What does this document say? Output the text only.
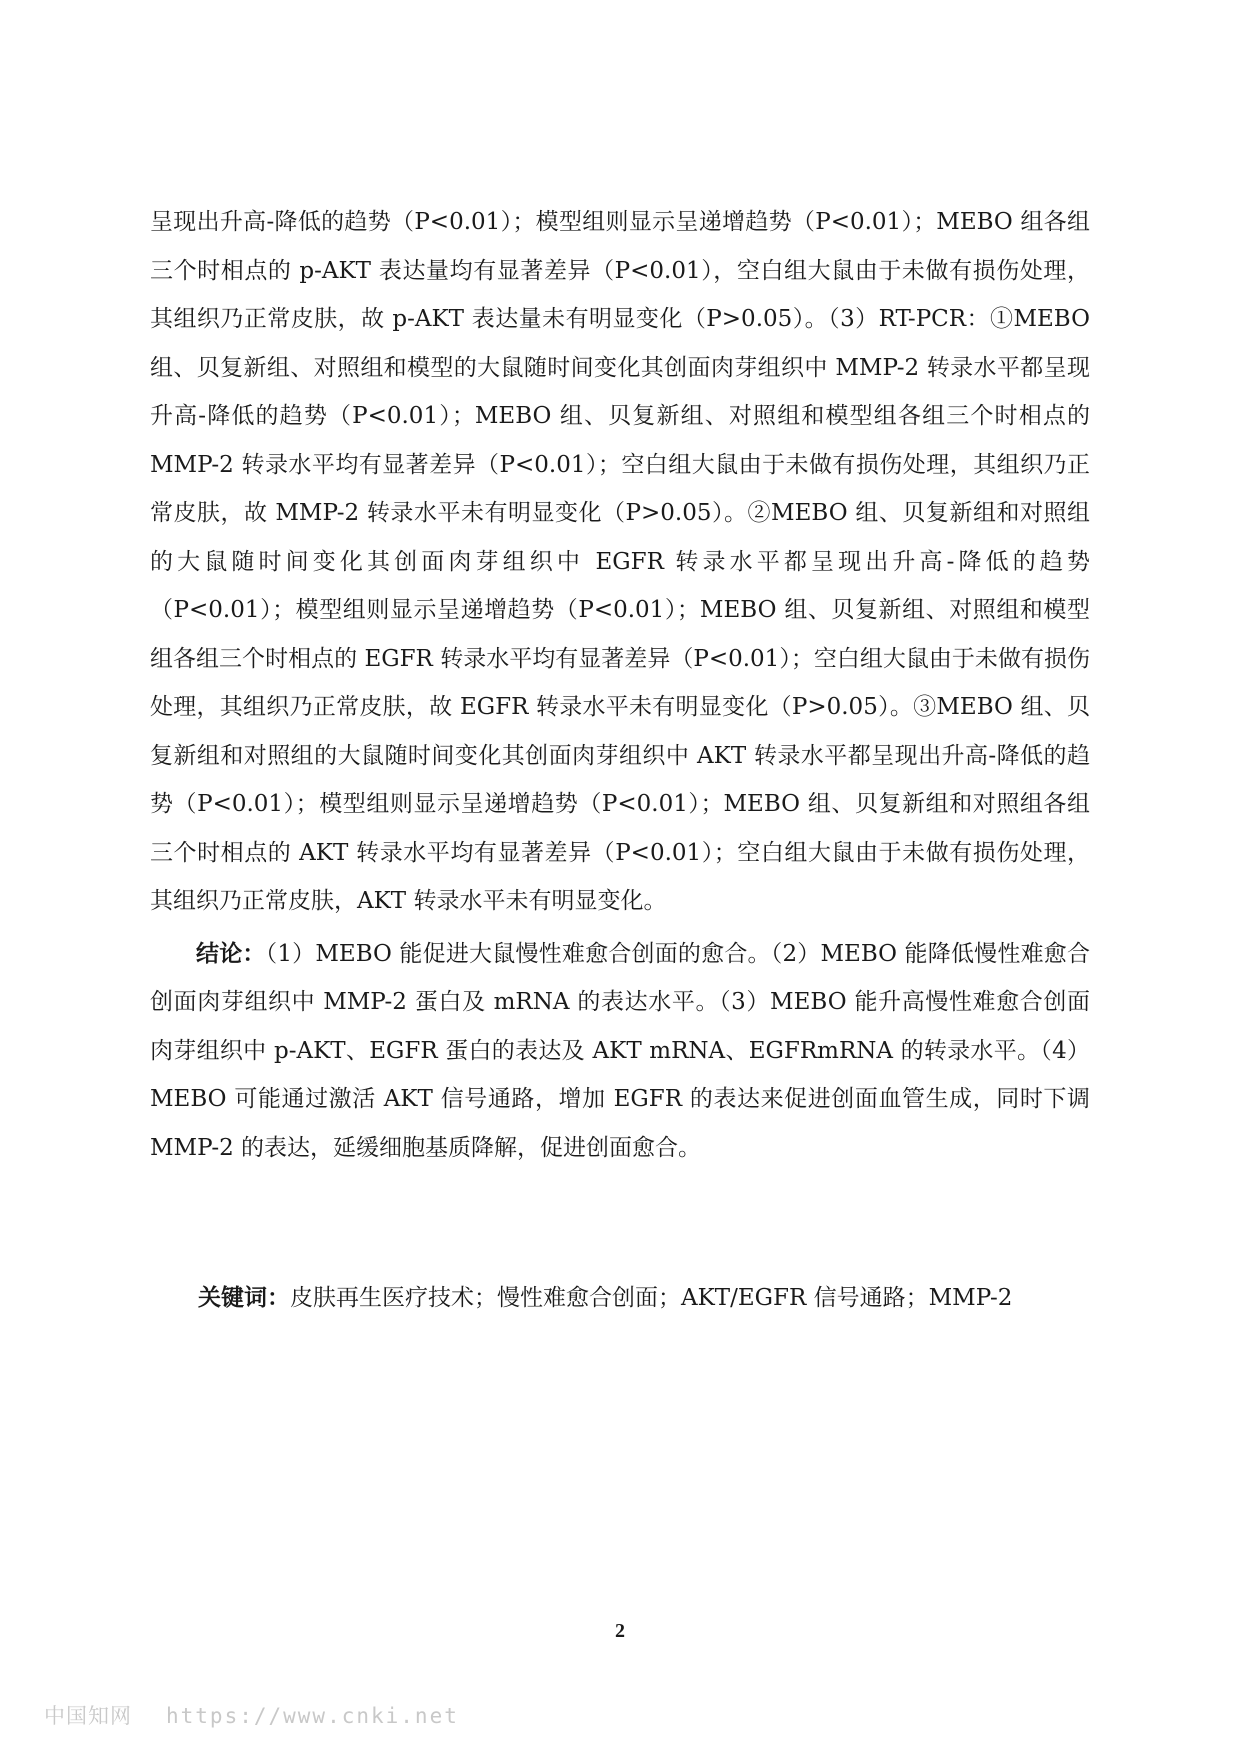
呈现出升高-降低的趋势（P<0.01）；模型组则显示呈递增趋势（P<0.01）；MEBO 组各组三个时相点的 p-AKT 表达量均有显著差异（P<0.01），空白组大鼠由于未做有损伤处理，其组织乃正常皮肤，故 p-AKT 表达量未有明显变化（P>0.05）。（3）RT-PCR：①MEBO 组、贝复新组、对照组和模型的大鼠随时间变化其创面肉芽组织中 MMP-2 转录水平都呈现升高-降低的趋势（P<0.01）；MEBO 组、贝复新组、对照组和模型组各组三个时相点的 MMP-2 转录水平均有显著差异（P<0.01）；空白组大鼠由于未做有损伤处理，其组织乃正常皮肤，故 MMP-2 转录水平未有明显变化（P>0.05）。②MEBO 组、贝复新组和对照组的大鼠随时间变化其创面肉芽组织中 EGFR 转录水平都呈现出升高-降低的趋势（P<0.01）；模型组则显示呈递增趋势（P<0.01）；MEBO 组、贝复新组、对照组和模型组各组三个时相点的 EGFR 转录水平均有显著差异（P<0.01）；空白组大鼠由于未做有损伤处理，其组织乃正常皮肤，故 EGFR 转录水平未有明显变化（P>0.05）。③MEBO 组、贝复新组和对照组的大鼠随时间变化其创面肉芽组织中 AKT 转录水平都呈现出升高-降低的趋势（P<0.01）；模型组则显示呈递增趋势（P<0.01）；MEBO 组、贝复新组和对照组各组三个时相点的 AKT 转录水平均有显著差异（P<0.01）；空白组大鼠由于未做有损伤处理，其组织乃正常皮肤，AKT 转录水平未有明显变化。

结论：（1）MEBO 能促进大鼠慢性难愈合创面的愈合。（2）MEBO 能降低慢性难愈合创面肉芽组织中 MMP-2 蛋白及 mRNA 的表达水平。（3）MEBO 能升高慢性难愈合创面肉芽组织中 p-AKT、EGFR 蛋白的表达及 AKT mRNA、EGFRmRNA 的转录水平。（4）MEBO 可能通过激活 AKT 信号通路，增加 EGFR 的表达来促进创面血管生成，同时下调 MMP-2 的表达，延缓细胞基质降解，促进创面愈合。

关键词：皮肤再生医疗技术；慢性难愈合创面；AKT/EGFR 信号通路；MMP-2
2
中国知网 https://www.cnki.net
